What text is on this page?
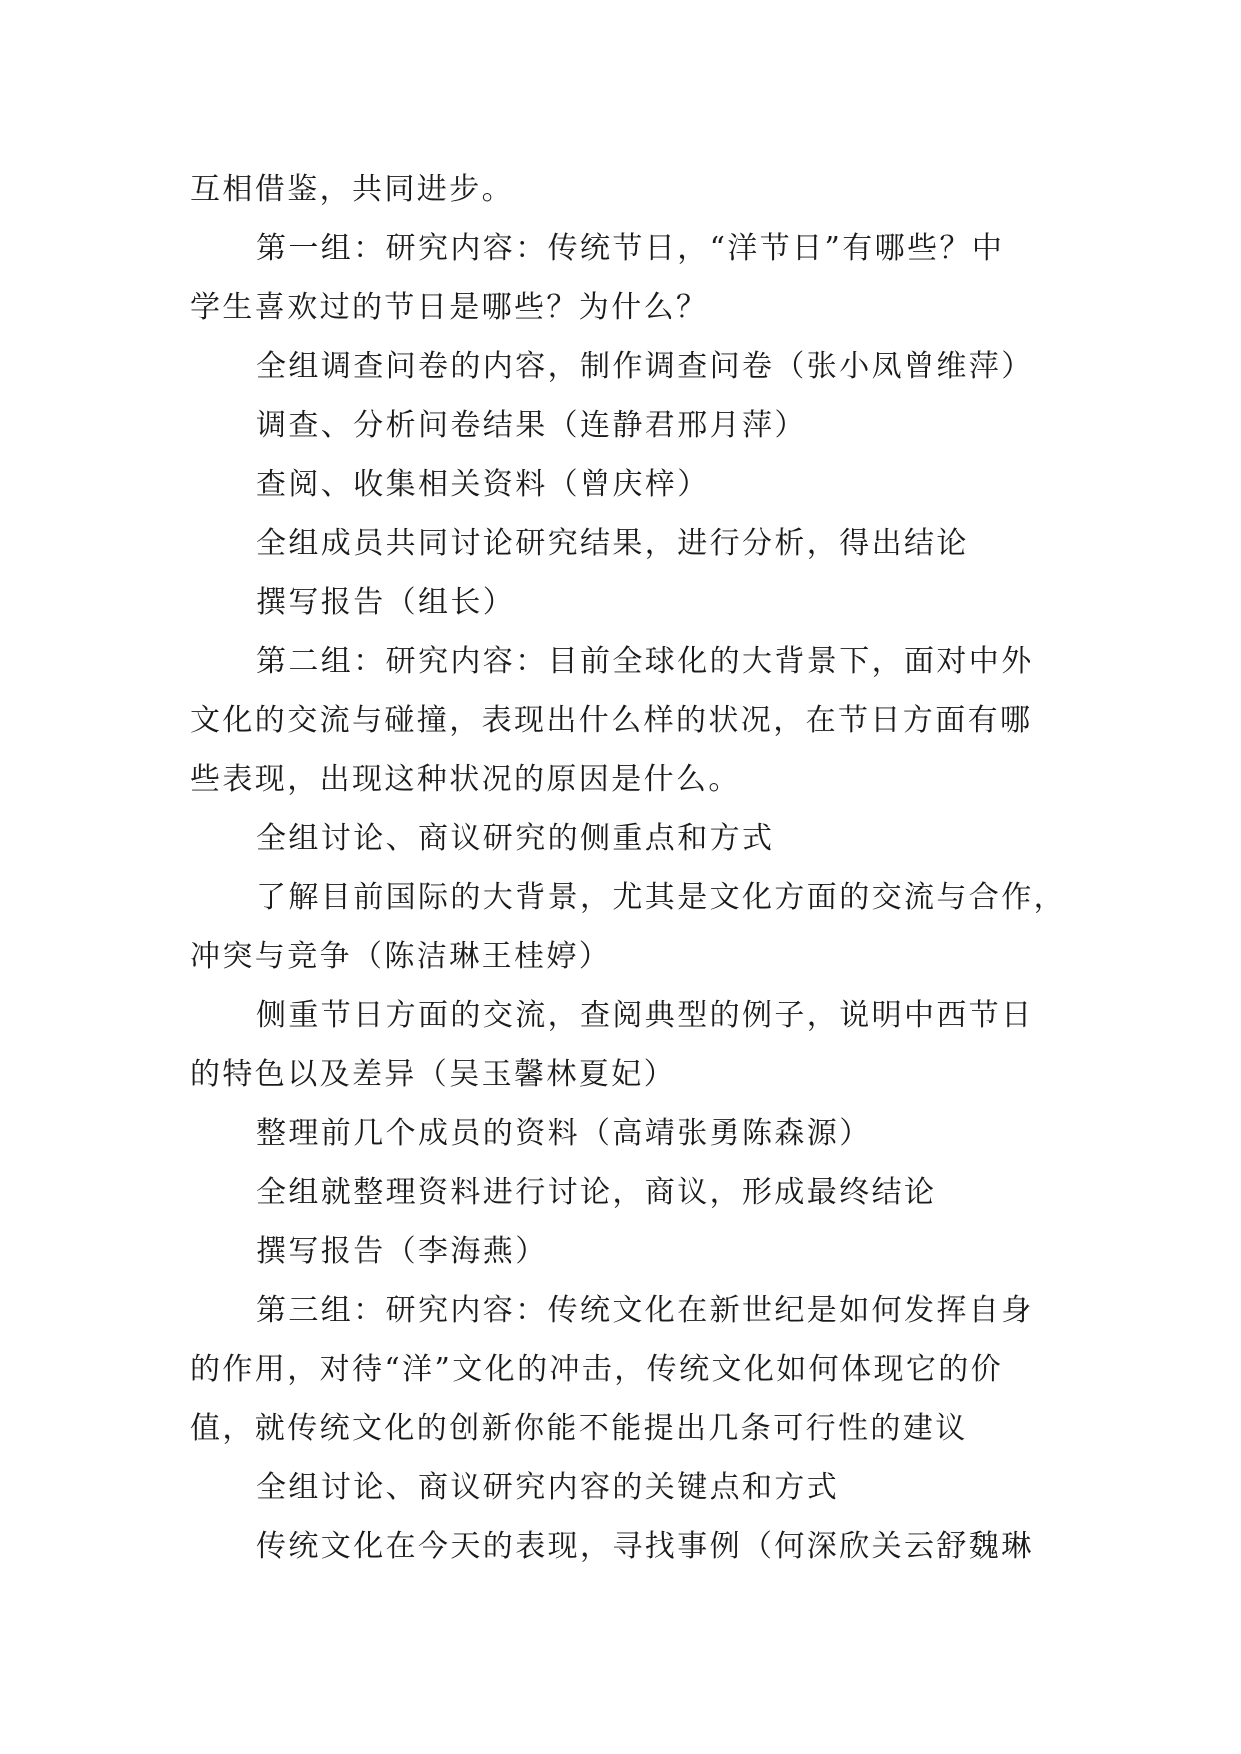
互相借鉴，共同进步。
第一组：研究内容：传统节日，“洋节日”有哪些？中
学生喜欢过的节日是哪些？为什么？
全组调查问卷的内容，制作调查问卷（张小凤曾维萍）
调查、分析问卷结果（连静君邢月萍）
查阅、收集相关资料（曾庆梓）
全组成员共同讨论研究结果，进行分析，得出结论
撰写报告（组长）
第二组：研究内容：目前全球化的大背景下，面对中外
文化的交流与碰撞，表现出什么样的状况，在节日方面有哪
些表现，出现这种状况的原因是什么。
全组讨论、商议研究的侧重点和方式
了解目前国际的大背景，尤其是文化方面的交流与合作，
冲突与竞争（陈洁琳王桂婷）
侧重节日方面的交流，查阅典型的例子，说明中西节日
的特色以及差异（吴玉馨林夏妃）
整理前几个成员的资料（高靖张勇陈森源）
全组就整理资料进行讨论，商议，形成最终结论
撰写报告（李海燕）
第三组：研究内容：传统文化在新世纪是如何发挥自身
的作用，对待“洋”文化的冲击，传统文化如何体现它的价
值，就传统文化的创新你能不能提出几条可行性的建议
全组讨论、商议研究内容的关键点和方式
传统文化在今天的表现，寻找事例（何深欣关云舒魏琳
